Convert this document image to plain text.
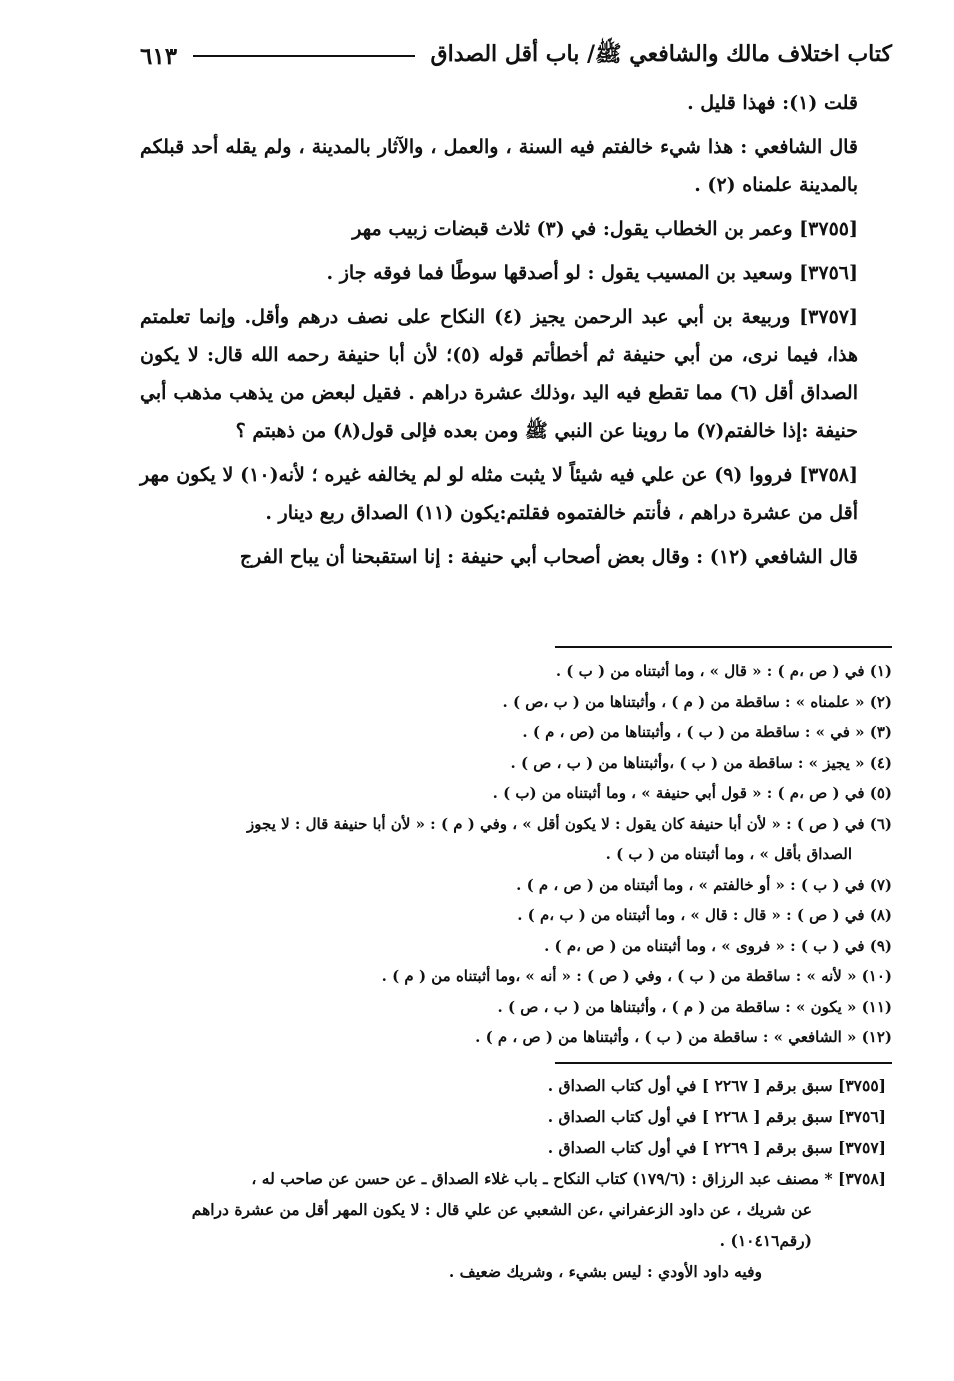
كتاب اختلاف مالك والشافعي ﷺ/ باب أقل الصداق
٦١٣

قلت (١): فهذا قليل .

قال الشافعي : هذا شيء خالفتم فيه السنة ، والعمل ، والآثار بالمدينة ، ولم يقله أحد قبلكم بالمدينة علمناه (٢) .

[٣٧٥٥] وعمر بن الخطاب يقول: في (٣) ثلاث قبضات زبيب مهر

[٣٧٥٦] وسعيد بن المسيب يقول : لو أصدقها سوطًا فما فوقه جاز .

[٣٧٥٧] وربيعة بن أبي عبد الرحمن يجيز (٤) النكاح على نصف درهم وأقل. وإنما تعلمتم هذا، فيما نرى، من أبي حنيفة ثم أخطأتم قوله (٥)؛ لأن أبا حنيفة رحمه الله قال: لا يكون الصداق أقل (٦) مما تقطع فيه اليد ،وذلك عشرة دراهم . فقيل لبعض من يذهب مذهب أبي حنيفة :إذا خالفتم(٧) ما روينا عن النبي ﷺ ومن بعده فإلى قول(٨) من ذهبتم ؟

[٣٧٥٨] فرووا (٩) عن علي فيه شيئاً لا يثبت مثله لو لم يخالفه غيره ؛ لأنه(١٠) لا يكون مهر أقل من عشرة دراهم ، فأنتم خالفتموه فقلتم:يكون (١١) الصداق ربع دينار .

قال الشافعي (١٢) : وقال بعض أصحاب أبي حنيفة : إنا استقبحنا أن يباح الفرج

(١) في ( ص ،م ) : « قال » ، وما أثبتناه من ( ب ) .
(٢) « علمناه » : ساقطة من ( م ) ، وأثبتناها من ( ب ،ص ) .
(٣) « في » : ساقطة من ( ب ) ، وأثبتناها من (ص ، م ) .
(٤) « يجيز » : ساقطة من ( ب ) ،وأثبتناها من ( ب ، ص ) .
(٥) في ( ص ،م ) : « قول أبي حنيفة » ، وما أثبتناه من (ب ) .
(٦) في ( ص ) : « لأن أبا حنيفة كان يقول : لا يكون أقل » ، وفي ( م ) : « لأن أبا حنيفة قال : لا يجوز
الصداق بأقل » ، وما أثبتناه من ( ب ) .
(٧) في ( ب ) : « أو خالفتم » ، وما أثبتناه من ( ص ، م ) .
(٨) في ( ص ) : « قال : قال » ، وما أثبتناه من ( ب ،م ) .
(٩) في ( ب ) : « فروى » ، وما أثبتناه من ( ص ،م ) .
(١٠) « لأنه » : ساقطة من ( ب ) ، وفي ( ص ) : « أنه » ،وما أثبتناه من ( م ) .
(١١) « يكون » : ساقطة من ( م ) ، وأثبتناها من ( ب ، ص ) .
(١٢) « الشافعي » : ساقطة من ( ب ) ، وأثبتناها من ( ص ، م ) .
[٣٧٥٥] سبق برقم [ ٢٢٦٧ ] في أول كتاب الصداق .
[٣٧٥٦] سبق برقم [ ٢٢٦٨ ] في أول كتاب الصداق .
[٣٧٥٧] سبق برقم [ ٢٢٦٩ ] في أول كتاب الصداق .
[٣٧٥٨] * مصنف عبد الرزاق : (١٧٩/٦) كتاب النكاح ـ باب غلاء الصداق ـ عن حسن عن صاحب له ،
عن شريك ، عن داود الزعفراني ،عن الشعبي عن علي قال : لا يكون المهر أقل من عشرة دراهم
(رقم١٠٤١٦) .
وفيه داود الأودي : ليس بشيء ، وشريك ضعيف .
